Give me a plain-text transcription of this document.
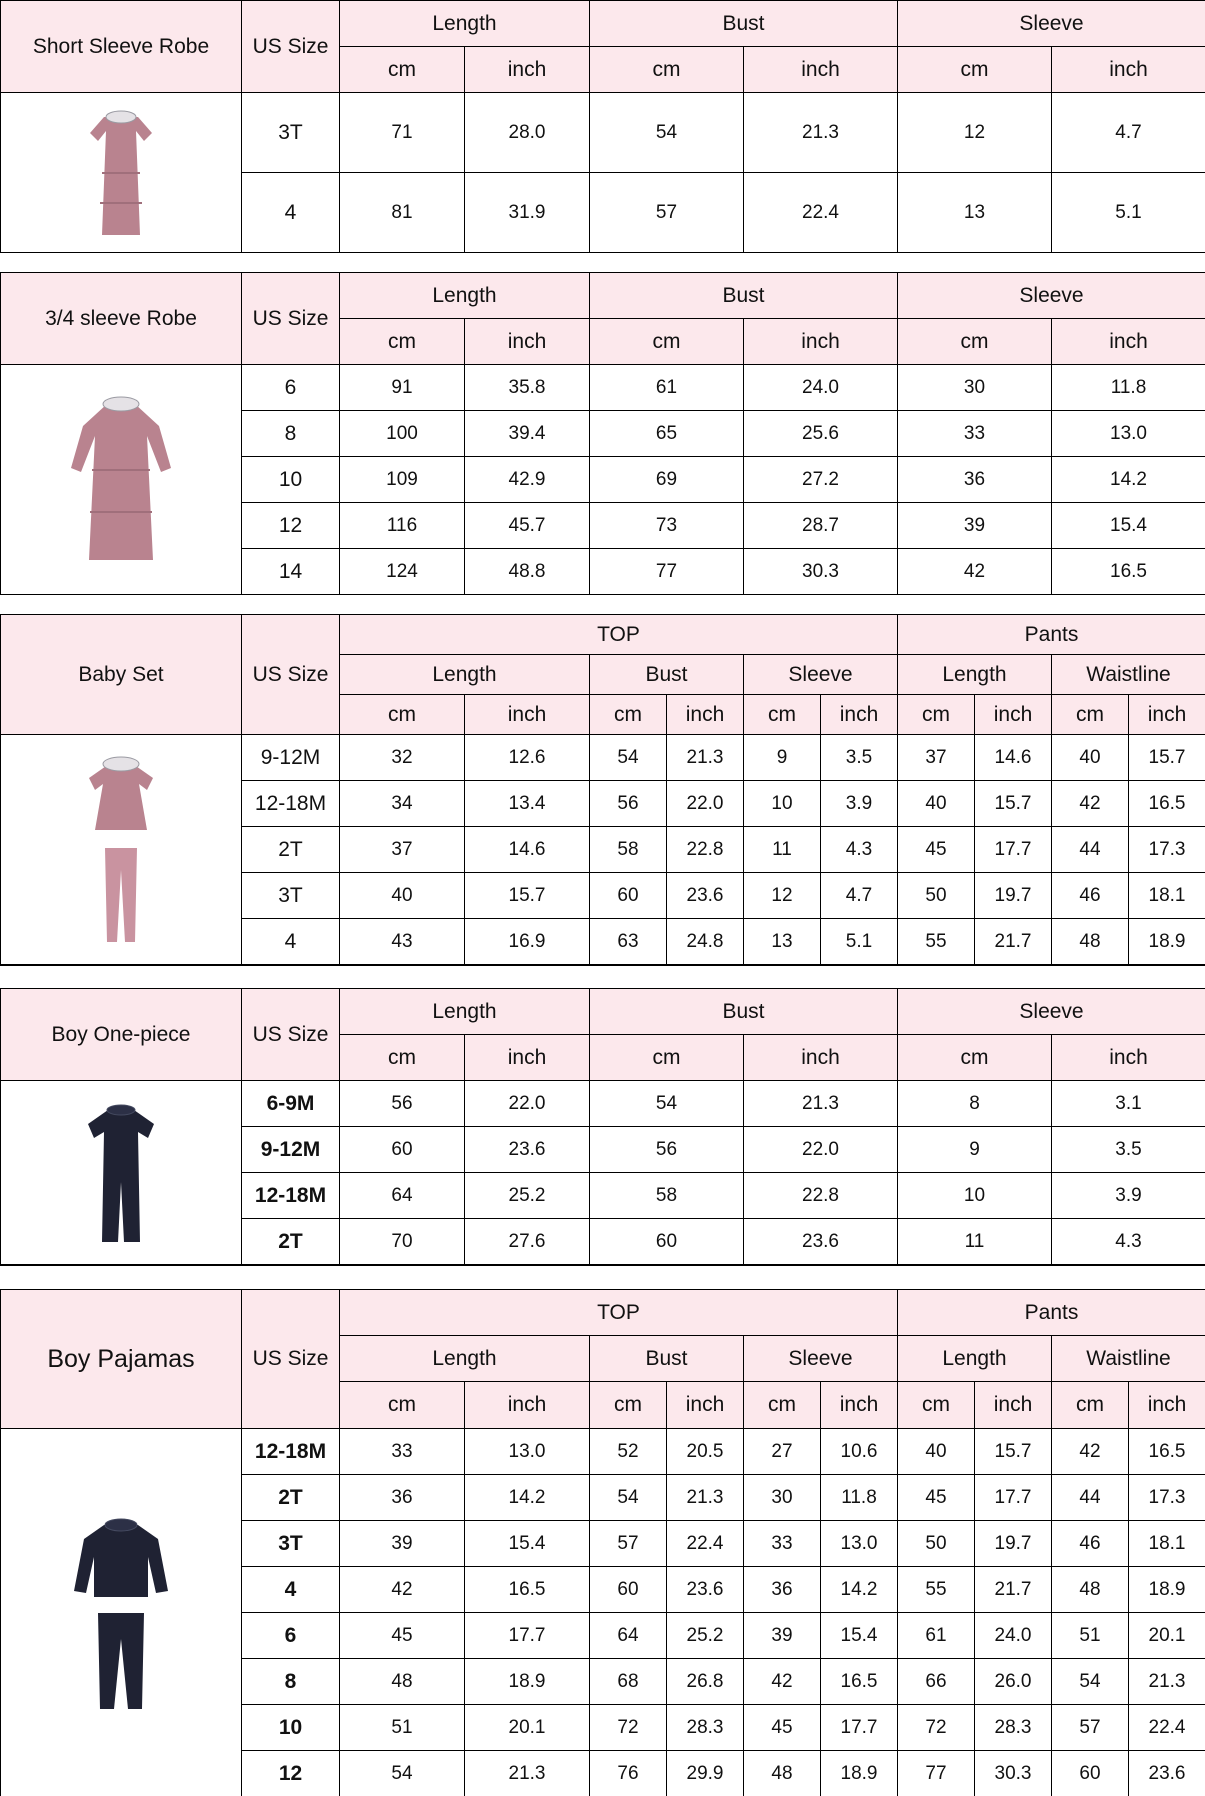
Short Sleeve Robe	US Size
Length	Bust	Sleeve
cm	inch	cm	inch	cm	inch
3T	71	28.0	54	21.3	12	4.7
4	81	31.9	57	22.4	13	5.1
3/4 sleeve Robe	US Size
Length	Bust	Sleeve
cm	inch	cm	inch	cm	inch
6	91	35.8	61	24.0	30	11.8
8	100	39.4	65	25.6	33	13.0
10	109	42.9	69	27.2	36	14.2
12	116	45.7	73	28.7	39	15.4
14	124	48.8	77	30.3	42	16.5
Baby Set	US Size
TOP	Pants
Length	Bust	Sleeve	Length	Waistline
cm	inch	cm	inch	cm	inch	cm	inch	cm	inch
9-12M	32	12.6	54	21.3	9	3.5	37	14.6	40	15.7
12-18M	34	13.4	56	22.0	10	3.9	40	15.7	42	16.5
2T	37	14.6	58	22.8	11	4.3	45	17.7	44	17.3
3T	40	15.7	60	23.6	12	4.7	50	19.7	46	18.1
4	43	16.9	63	24.8	13	5.1	55	21.7	48	18.9
Boy One-piece	US Size
Length	Bust	Sleeve
cm	inch	cm	inch	cm	inch
6-9M	56	22.0	54	21.3	8	3.1
9-12M	60	23.6	56	22.0	9	3.5
12-18M	64	25.2	58	22.8	10	3.9
2T	70	27.6	60	23.6	11	4.3
Boy Pajamas	US Size
TOP	Pants
Length	Bust	Sleeve	Length	Waistline
cm	inch	cm	inch	cm	inch	cm	inch	cm	inch
12-18M	33	13.0	52	20.5	27	10.6	40	15.7	42	16.5
2T	36	14.2	54	21.3	30	11.8	45	17.7	44	17.3
3T	39	15.4	57	22.4	33	13.0	50	19.7	46	18.1
4	42	16.5	60	23.6	36	14.2	55	21.7	48	18.9
6	45	17.7	64	25.2	39	15.4	61	24.0	51	20.1
8	48	18.9	68	26.8	42	16.5	66	26.0	54	21.3
10	51	20.1	72	28.3	45	17.7	72	28.3	57	22.4
12	54	21.3	76	29.9	48	18.9	77	30.3	60	23.6
